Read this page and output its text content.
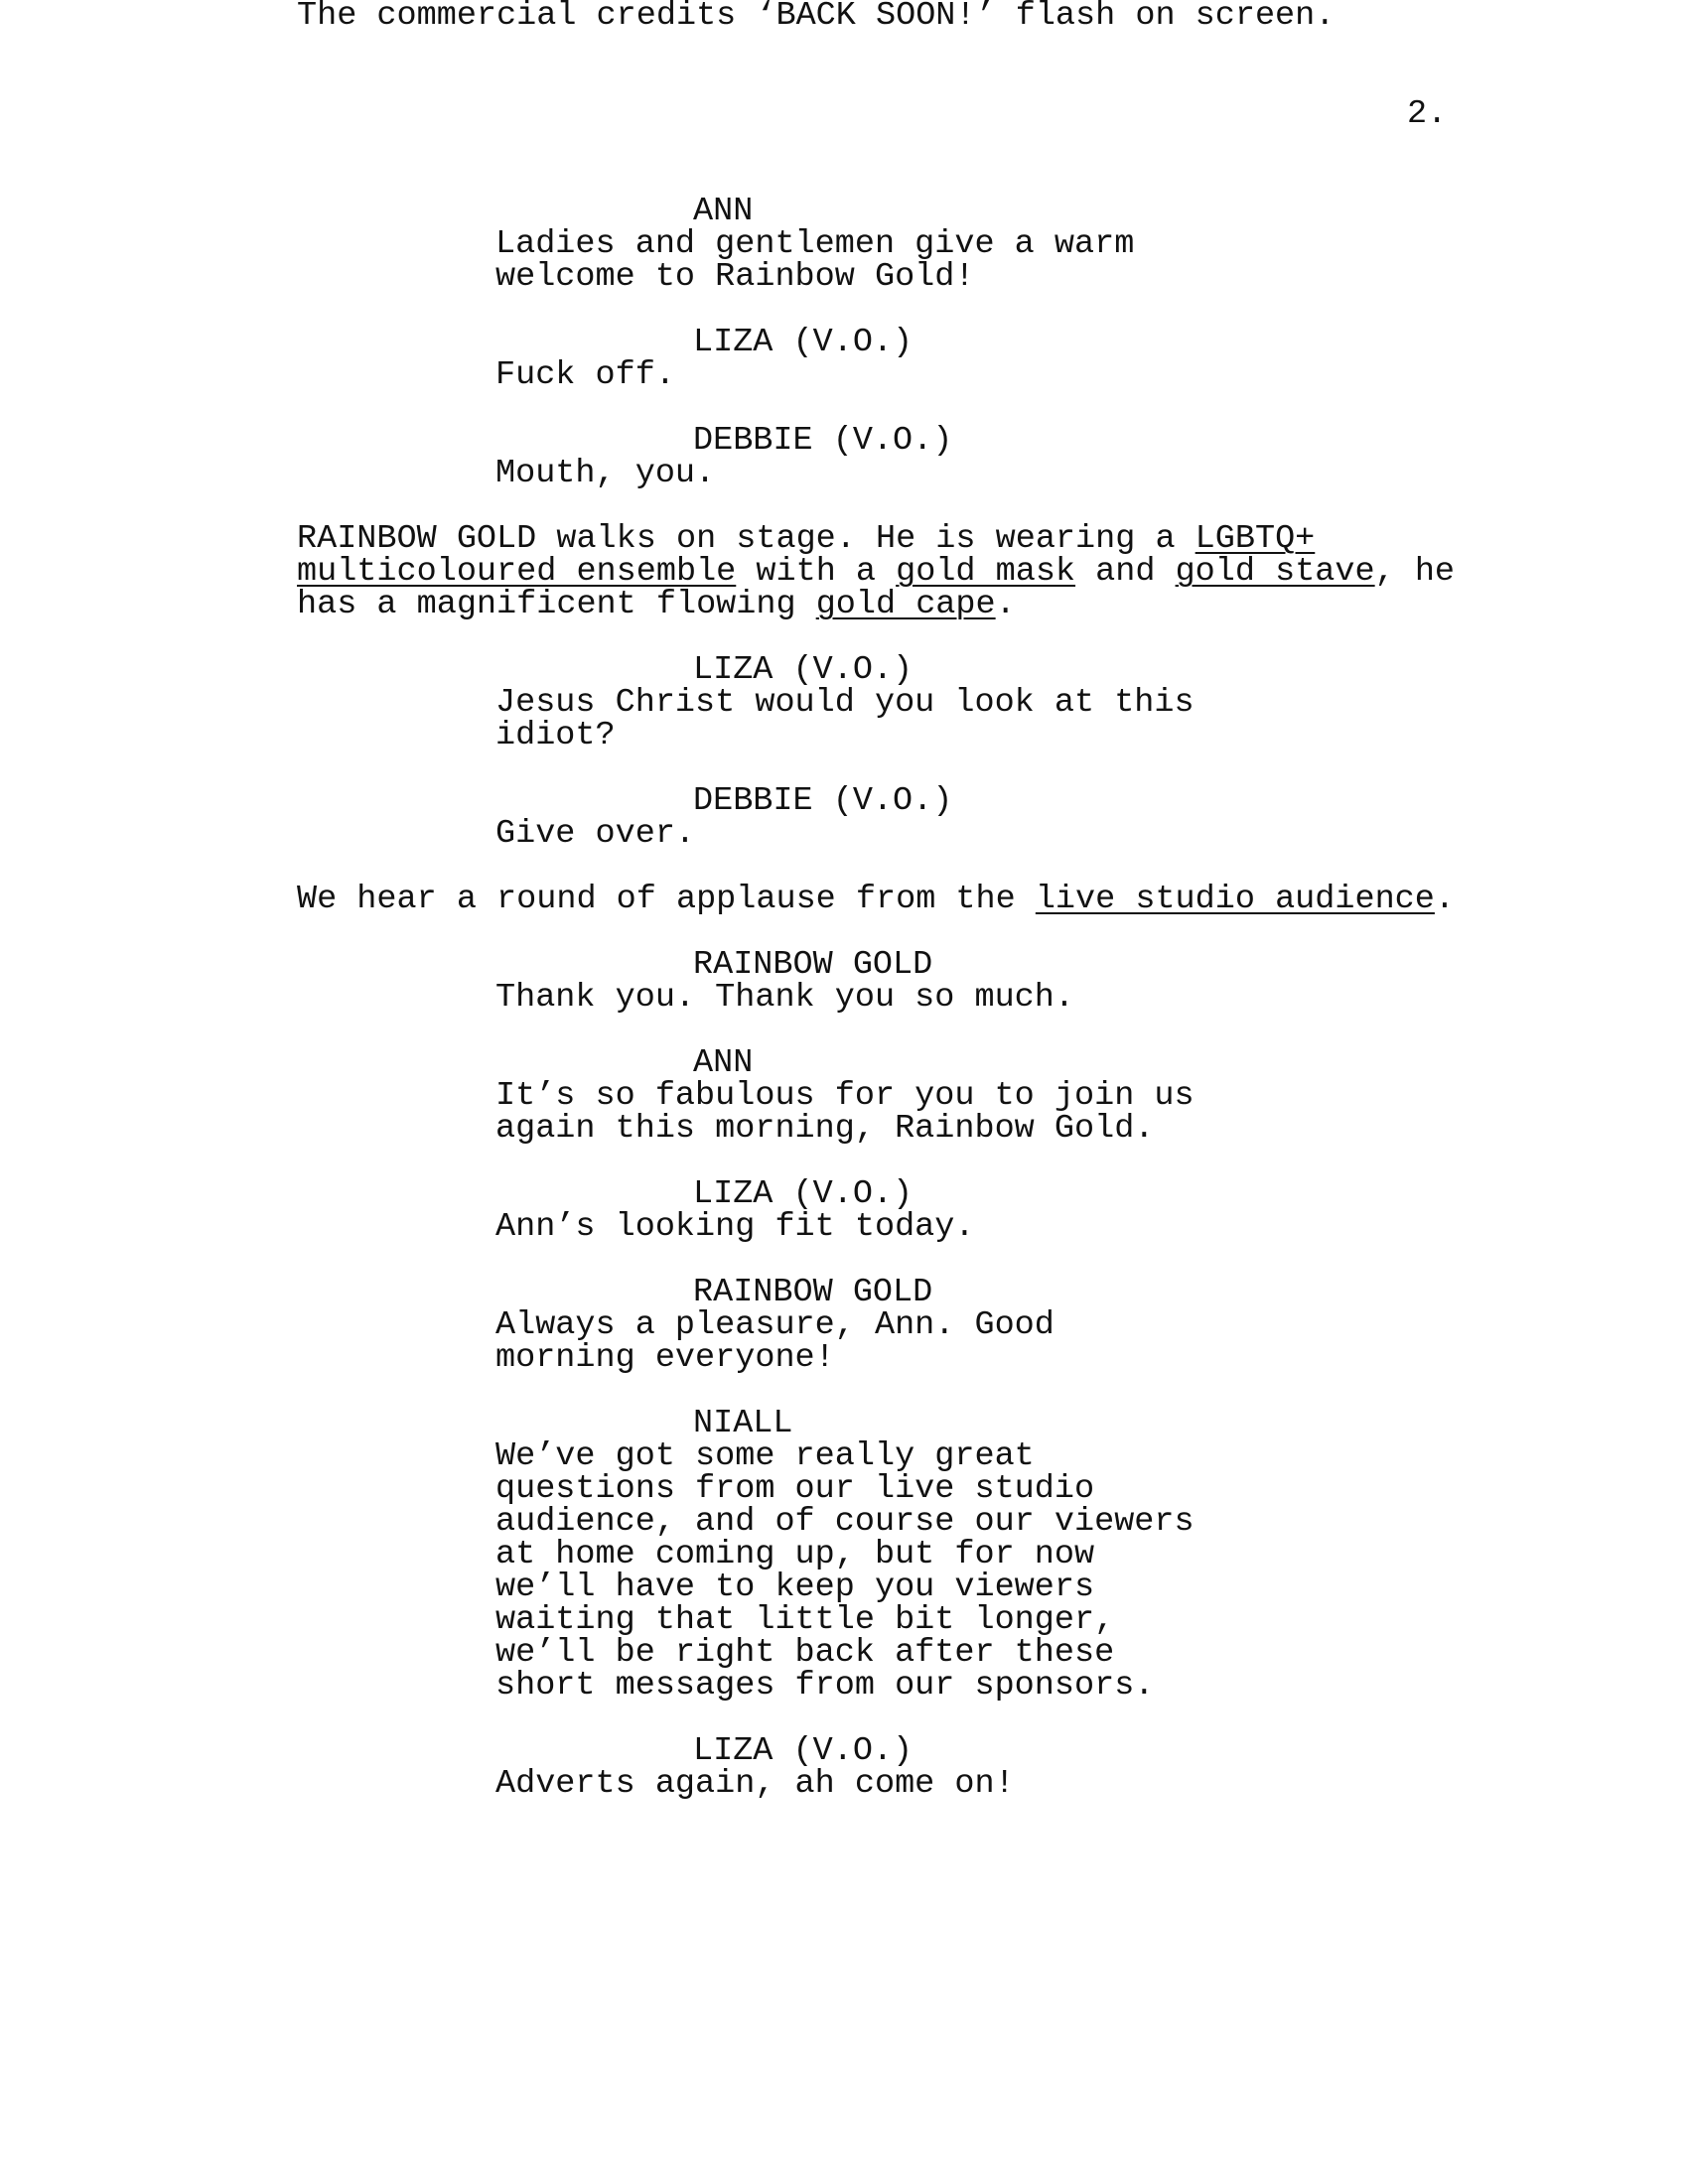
2.
ANN
Ladies and gentlemen give a warm
welcome to Rainbow Gold!
LIZA (V.O.)
Fuck off.
DEBBIE (V.O.)
Mouth, you.
RAINBOW GOLD walks on stage. He is wearing a LGBTQ+
multicoloured ensemble with a gold mask and gold stave, he
has a magnificent flowing gold cape.
LIZA (V.O.)
Jesus Christ would you look at this
idiot?
DEBBIE (V.O.)
Give over.
We hear a round of applause from the live studio audience.
RAINBOW GOLD
Thank you. Thank you so much.
ANN
It’s so fabulous for you to join us
again this morning, Rainbow Gold.
LIZA (V.O.)
Ann’s looking fit today.
RAINBOW GOLD
Always a pleasure, Ann. Good
morning everyone!
NIALL
We’ve got some really great
questions from our live studio
audience, and of course our viewers
at home coming up, but for now
we’ll have to keep you viewers
waiting that little bit longer,
we’ll be right back after these
short messages from our sponsors.
LIZA (V.O.)
Adverts again, ah come on!
The commercial credits ‘BACK SOON!’ flash on screen.
